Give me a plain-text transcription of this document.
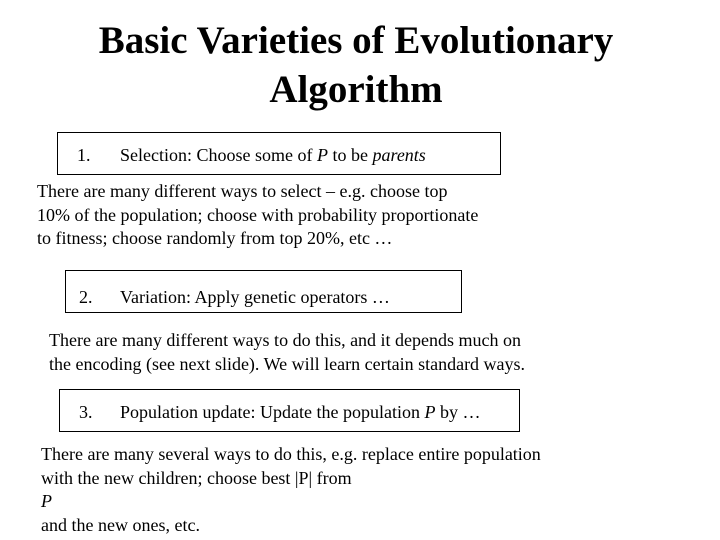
Basic Varieties of Evolutionary
Algorithm
1. Selection: Choose some of P to be parents
There are many different ways to select – e.g. choose top
10% of the population; choose with probability proportionate
to fitness; choose randomly from top 20%, etc …
2. Variation: Apply genetic operators …
There are many different ways to do this, and it depends much on
the encoding (see next slide). We will learn certain standard ways.
3. Population update: Update the population P by …
There are many several ways to do this, e.g. replace entire population
with the new children; choose best |P| from
P
and the new ones, etc.
